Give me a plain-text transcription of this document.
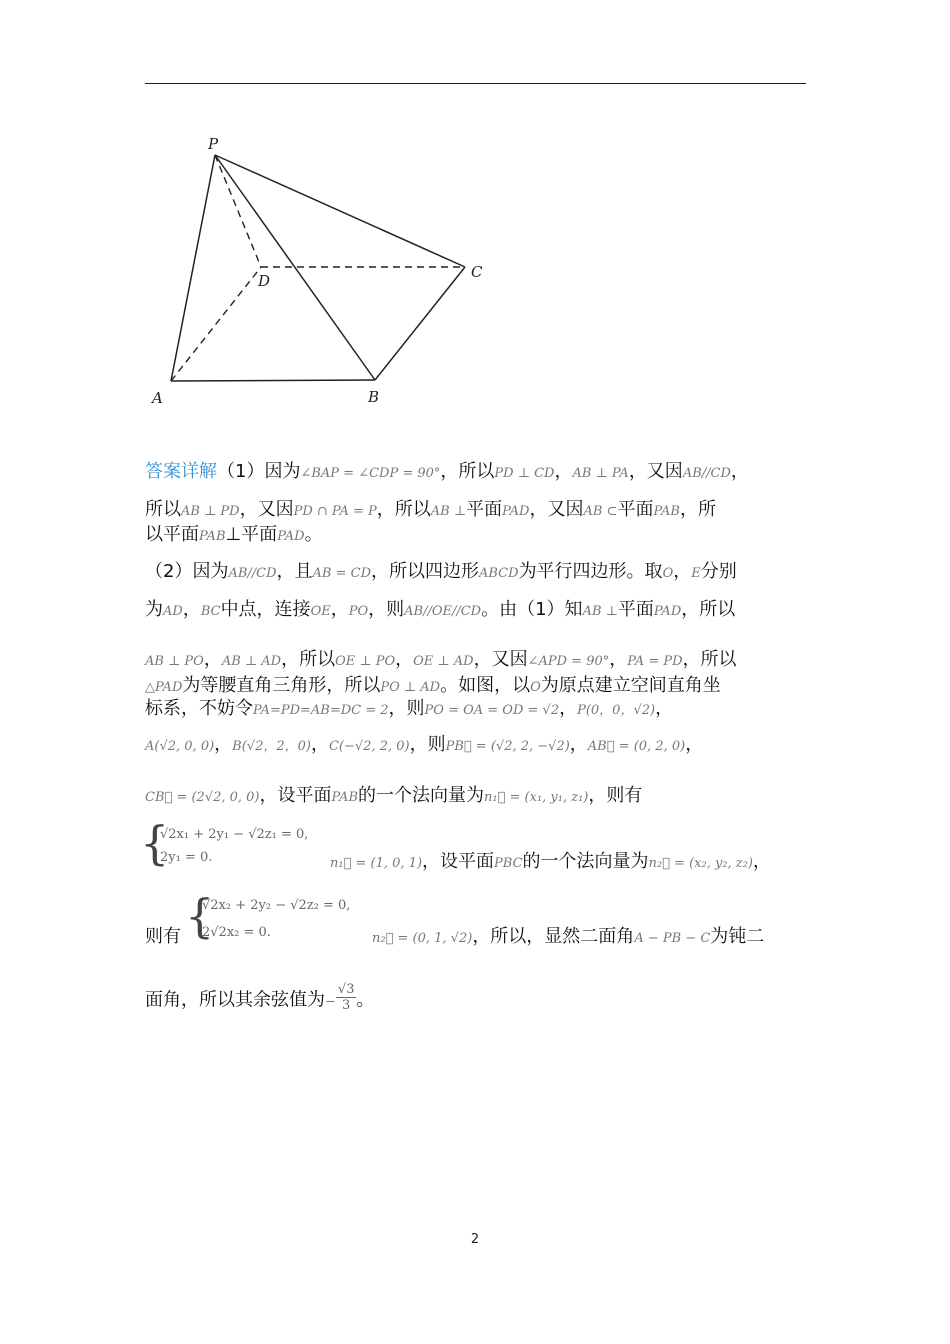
P
D	C
A	B
答案详解（1）因为∠BAP = ∠CDP = 90°，所以PD ⊥ CD，AB ⊥ PA，又因AB//CD，
所以AB ⊥ PD，又因PD ∩ PA = P，所以AB ⊥平面PAD，又因AB ⊂平面PAB，所
以平面PAB⊥平面PAD。
（2）因为AB//CD，且AB = CD，所以四边形ABCD为平行四边形。取O，E分别
为AD，BC中点，连接OE，PO，则AB//OE//CD。由（1）知AB ⊥平面PAD，所以
AB ⊥ PO，AB ⊥ AD，所以OE ⊥ PO，OE ⊥ AD，又因∠APD = 90°，PA = PD，所以
△PAD为等腰直角三角形，所以PO ⊥ AD。如图，以O为原点建立空间直角坐
标系，不妨令PA=PD=AB=DC = 2，则PO = OA = OD = √2，P(0，0，√2)，
A(√2, 0, 0)，B(√2，2，0)，C(−√2, 2, 0)，则PB⃗ = (√2, 2, −√2)，AB⃗ = (0, 2, 0)，
CB⃗ = (2√2, 0, 0)，设平面PAB的一个法向量为n₁⃗ = (x₁, y₁, z₁)，则有
{
√2x₁ + 2y₁ − √2z₁ = 0,
2y₁ = 0.	n₁⃗ = (1, 0, 1)，设平面PBC的一个法向量为n₂⃗ = (x₂, y₂, z₂)，
{
√2x₂ + 2y₂ − √2z₂ = 0,
2√2x₂ = 0.
则有	n₂⃗ = (0, 1, √2)，所以，显然二面角A − PB − C为钝二
面角，所以其余弦值为− $\frac{√3}{3}$ 。
2
